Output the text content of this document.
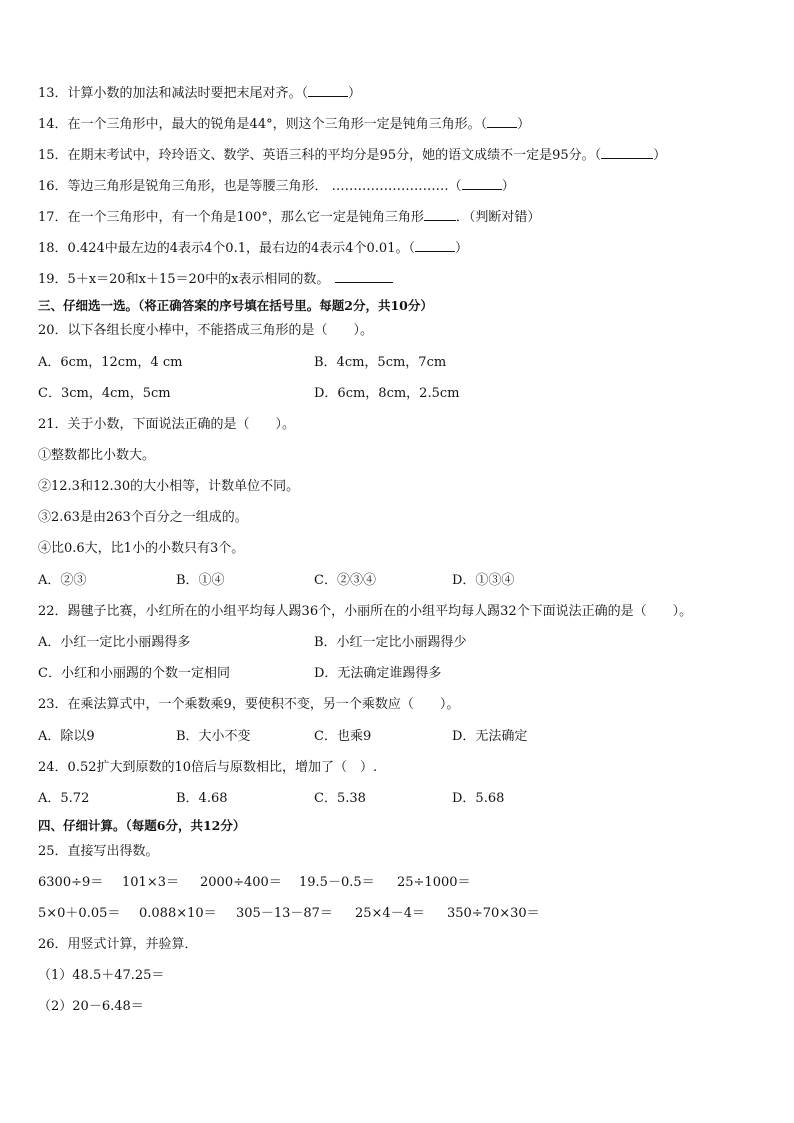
13．计算小数的加法和减法时要把末尾对齐。（	）
14．在一个三角形中，最大的锐角是44°，则这个三角形一定是钝角三角形。（ ）
15．在期末考试中，玲玲语文、数学、英语三科的平均分是95分，她的语文成绩不一定是95分。（	）
16．等边三角形是锐角三角形，也是等腰三角形． ………………………（	）
17．在一个三角形中，有一个角是100°，那么它一定是钝角三角形 ．（判断对错）
18．0.424中最左边的4表示4个0.1，最右边的4表示4个0.01。（	）
19．5＋x＝20和x＋15＝20中的x表示相同的数。
三、仔细选一选。（将正确答案的序号填在括号里。每题2分，共10分）
20．以下各组长度小棒中，不能搭成三角形的是（　　）。
A．6cm，12cm，4 cm	B．4cm，5cm，7cm
C．3cm，4cm，5cm	D．6cm，8cm，2.5cm
21．关于小数，下面说法正确的是（　　）。
①整数都比小数大。
②12.3和12.30的大小相等，计数单位不同。
③2.63是由263个百分之一组成的。
④比0.6大，比1小的小数只有3个。
A．②③	B．①④	C．②③④	D．①③④
22．踢毽子比赛，小红所在的小组平均每人踢36个，小丽所在的小组平均每人踢32个下面说法正确的是（　　）。
A．小红一定比小丽踢得多	B．小红一定比小丽踢得少
C．小红和小丽踢的个数一定相同	D．无法确定谁踢得多
23．在乘法算式中，一个乘数乘9，要使积不变，另一个乘数应（　　）。
A．除以9	B．大小不变	C．也乘9	D．无法确定
24．0.52扩大到原数的10倍后与原数相比，增加了（　）.
A．5.72	B．4.68	C．5.38	D．5.68
四、仔细计算。（每题6分，共12分）
25．直接写出得数。
6300÷9＝ 101×3＝ 2000÷400＝ 19.5－0.5＝ 25÷1000＝
5×0＋0.05＝ 0.088×10＝ 305－13－87＝ 25×4－4＝ 350÷70×30＝
26．用竖式计算，并验算．
（1）48.5＋47.25＝
（2）20－6.48＝
